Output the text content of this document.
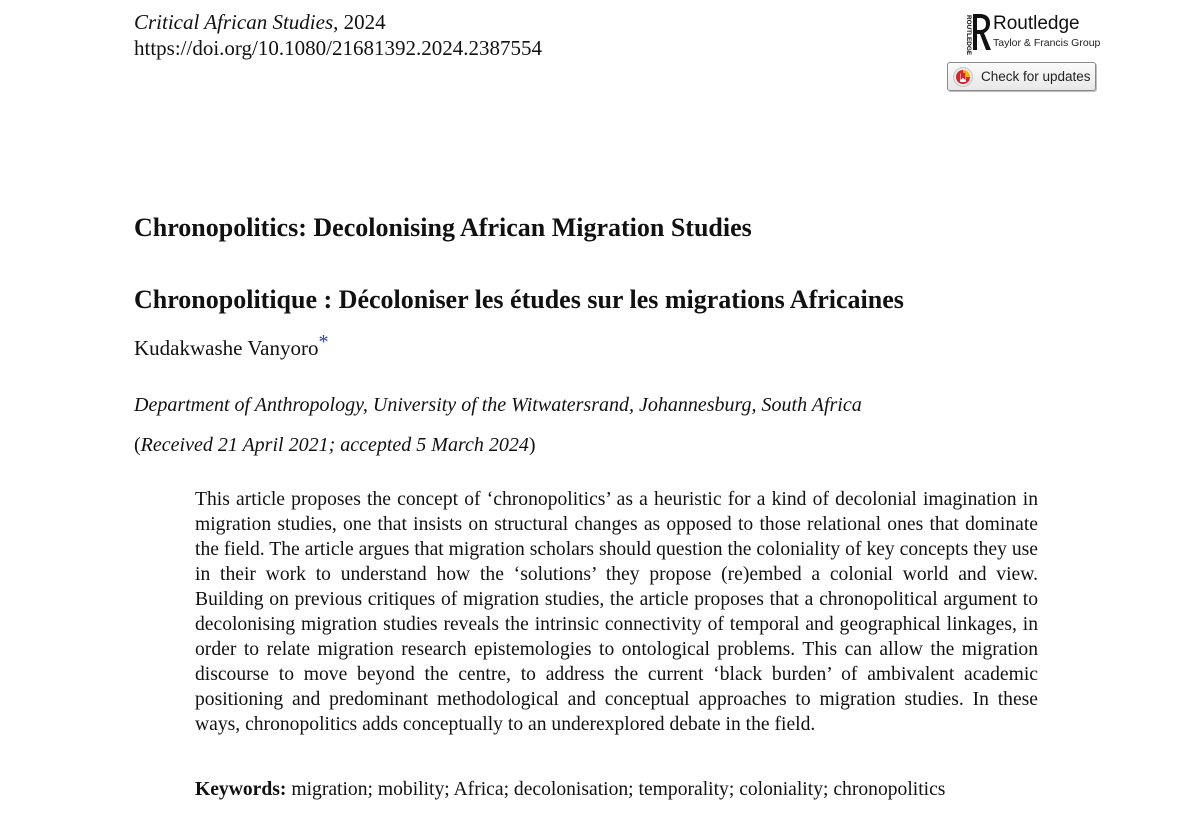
Critical African Studies, 2024
https://doi.org/10.1080/21681392.2024.2387554	ROUTLEDGE Routledge
Taylor & Francis Group
Check for updates
Chronopolitics: Decolonising African Migration Studies
Chronopolitique : Décoloniser les études sur les migrations Africaines
Kudakwashe Vanyoro*
Department of Anthropology, University of the Witwatersrand, Johannesburg, South Africa
(Received 21 April 2021; accepted 5 March 2024)

This article proposes the concept of ‘chronopolitics’ as a heuristic for a kind of decolonial imagination in migration studies, one that insists on structural changes as opposed to those relational ones that dominate the field. The article argues that migration scholars should question the coloniality of key concepts they use in their work to understand how the ‘solutions’ they propose (re)embed a colonial world and view. Building on previous critiques of migration studies, the article proposes that a chronopolitical argument to decolonising migration studies reveals the intrinsic connectivity of temporal and geographical linkages, in order to relate migration research epistemologies to ontological problems. This can allow the migration discourse to move beyond the centre, to address the current ‘black burden’ of ambivalent academic positioning and predominant methodological and conceptual approaches to migration studies. In these ways, chronopolitics adds conceptually to an underexplored debate in the field.

Keywords: migration; mobility; Africa; decolonisation; temporality; coloniality; chronopolitics
